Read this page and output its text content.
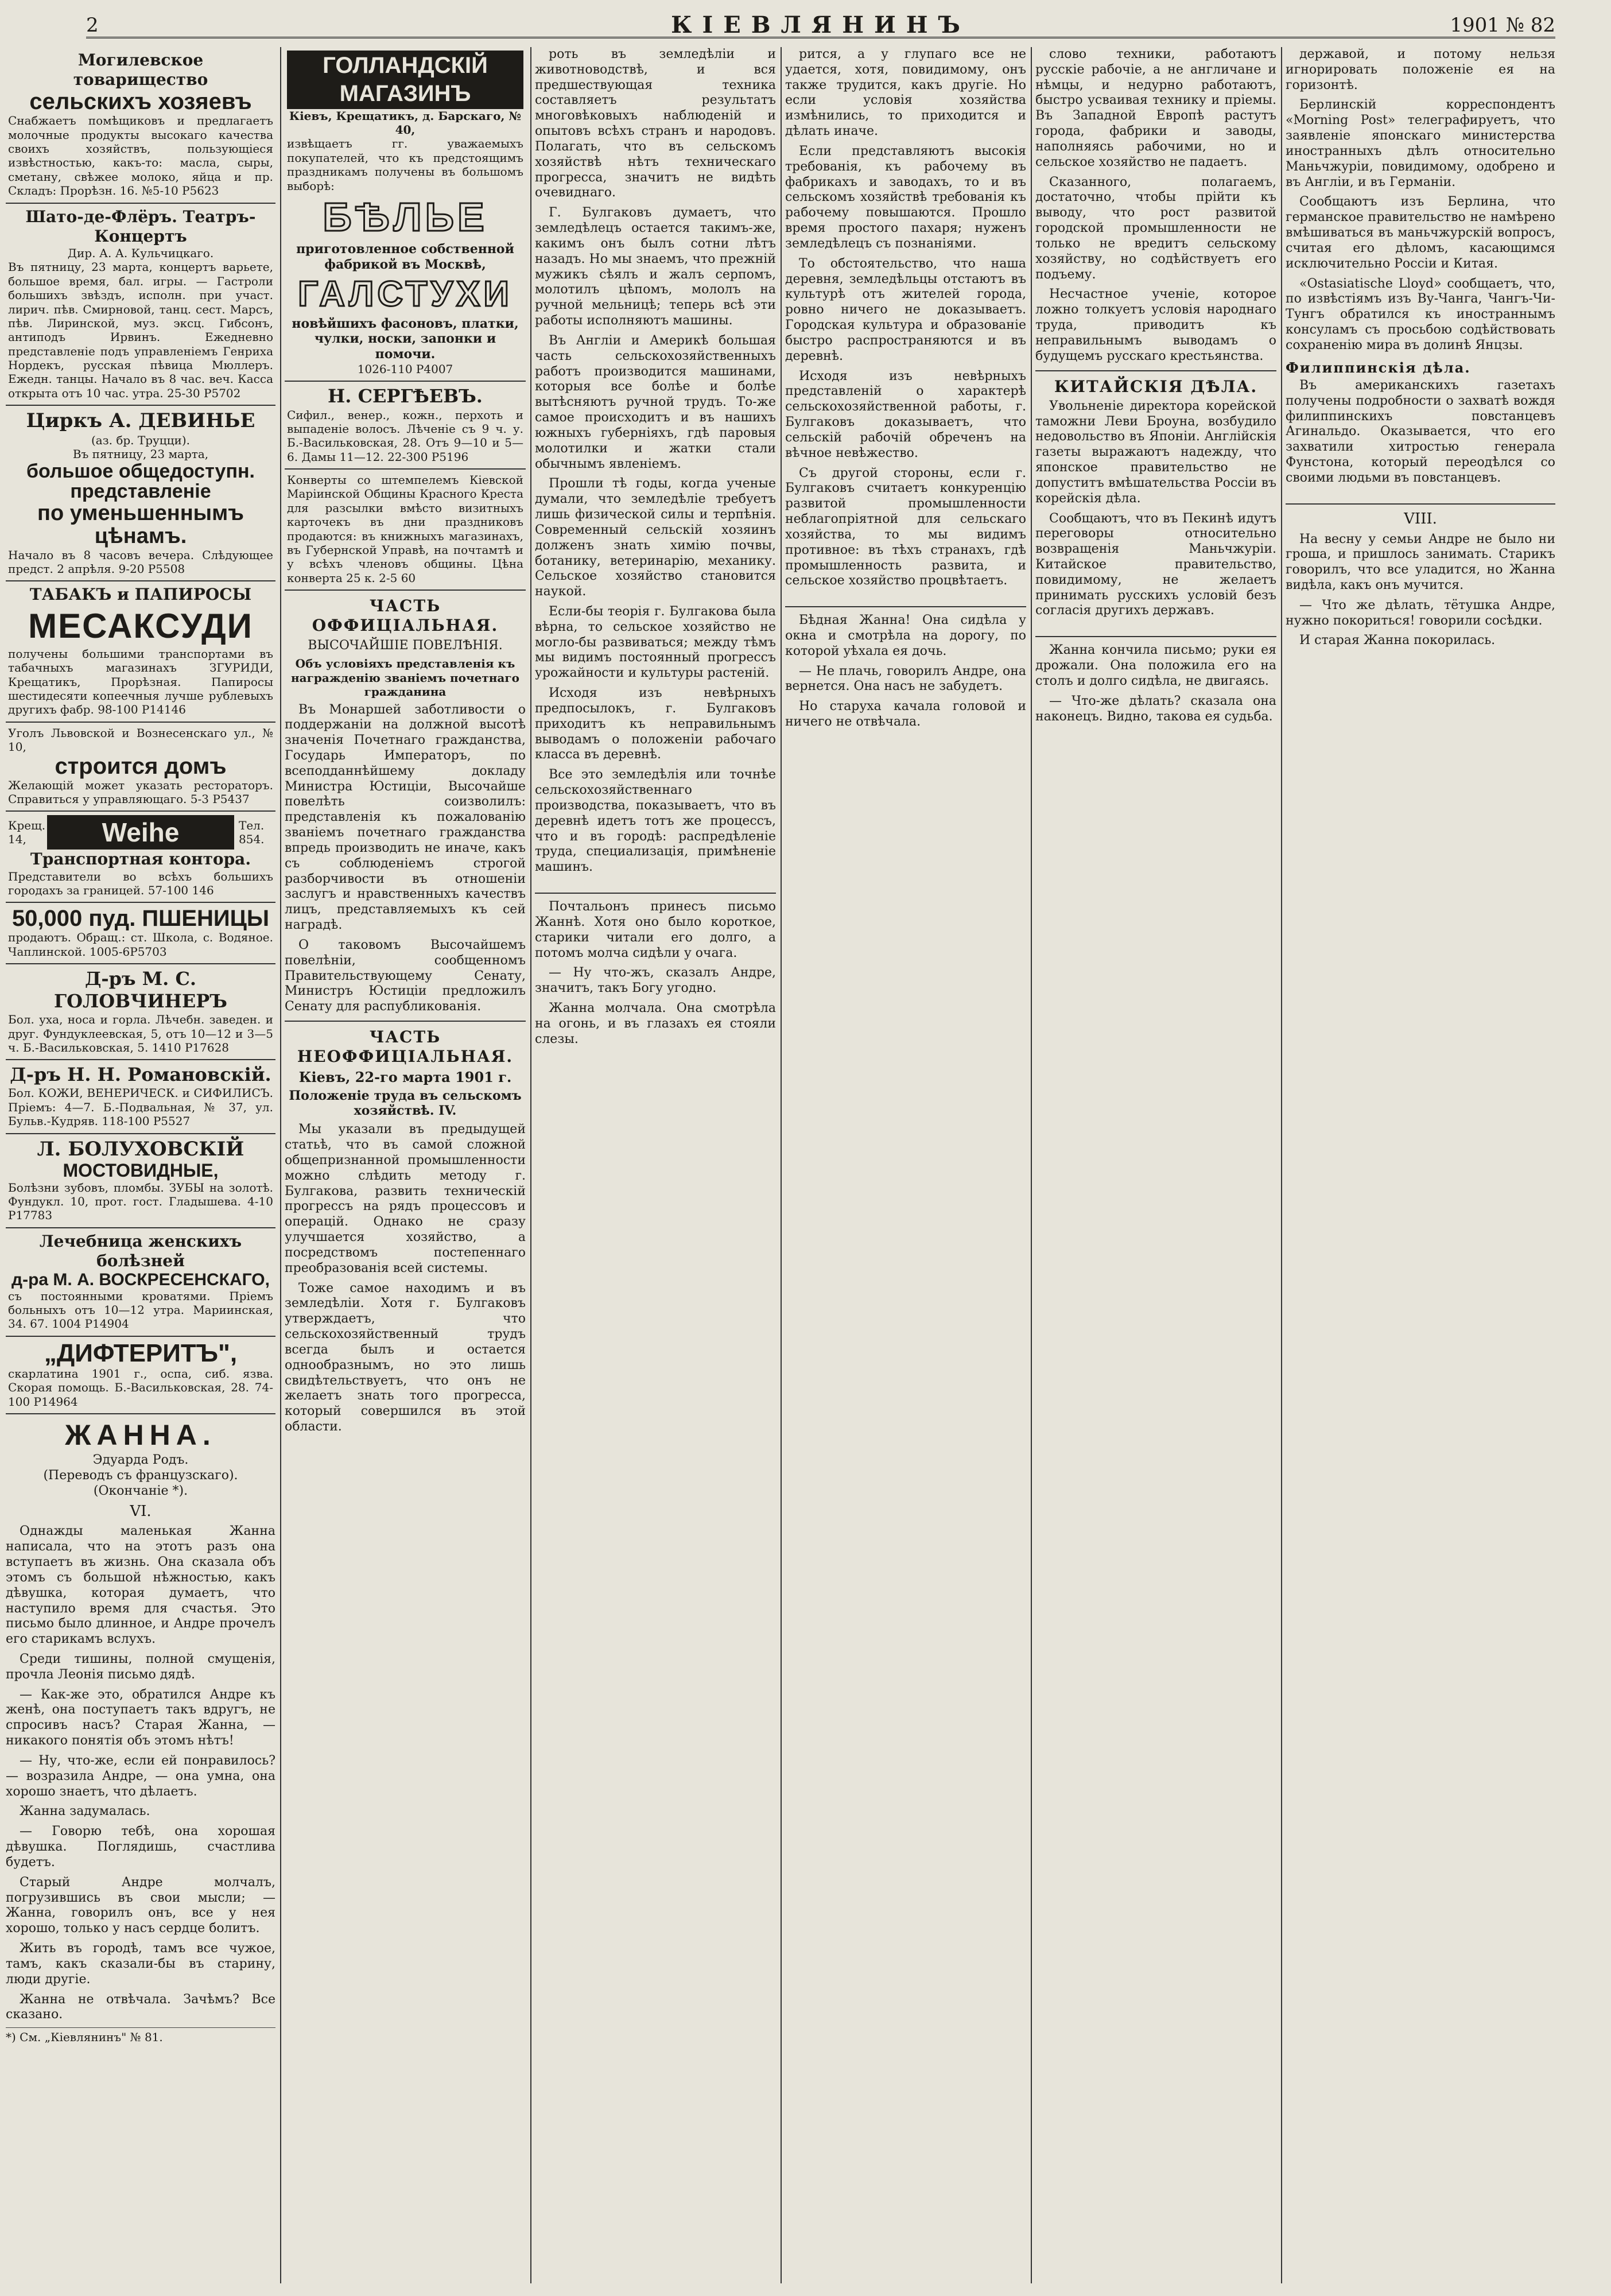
2	КІЕВЛЯНИНЪ	1901 № 82
Могилевское товарищество
сельскихъ хозяевъ
Снабжаетъ помѣщиковъ и предлагаетъ молочные продукты высокаго качества своихъ хозяйствъ, пользующіеся извѣстностью, какъ-то: масла, сыры, сметану, свѣжее молоко, яйца и пр. Складъ: Прорѣзн. 16. №5-10 Р5623
Шато-де-Флёръ. Театръ-Концертъ
Дир. А. А. Кульчицкаго.
Въ пятницу, 23 марта, концертъ варьете, большое время, бал. игры. — Гастроли большихъ звѣздъ, исполн. при участ. лирич. пѣв. Смирновой, танц. сест. Марсъ, пѣв. Лиринской, муз. эксц. Гибсонъ, антиподъ Ирвинъ. Ежедневно представленіе подъ управленіемъ Генриха Нордекъ, русская пѣвица Мюллеръ. Ежедн. танцы. Начало въ 8 час. веч. Касса открыта отъ 10 час. утра. 25-30 Р5702
Циркъ А. ДЕВИНЬЕ
(аз. бр. Труцци).
Въ пятницу, 23 марта,
большое общедоступн. представленіе
по уменьшеннымъ
цѣнамъ.
Начало въ 8 часовъ вечера. Слѣдующее предст. 2 апрѣля. 9-20 Р5508
ТАБАКЪ и ПАПИРОСЫ
МЕСАКСУДИ
получены большими транспортами въ табачныхъ магазинахъ ЗГУРИДИ, Крещатикъ, Прорѣзная. Папиросы шестидесяти копеечныя лучше рублевыхъ другихъ фабр. 98-100 Р14146
Уголъ Львовской и Вознесенскаго ул., № 10,
строится домъ
Желающій может указать рестораторъ. Справиться у управляющаго. 5-3 Р5437
Крещ. 14,	Weihe	Тел. 854.
Транспортная контора.
Представители во всѣхъ большихъ городахъ за границей. 57-100 146
50,000 пуд. ПШЕНИЦЫ
продаютъ. Обращ.: ст. Школа, с. Водяное. Чаплинской. 1005-6Р5703
Д-ръ М. С. ГОЛОВЧИНЕРЪ
Бол. уха, носа и горла. Лѣчебн. заведен. и друг. Фундуклеевская, 5, отъ 10—12 и 3—5 ч. Б.-Васильковская, 5. 1410 Р17628
Д-ръ Н. Н. Романовскій.
Бол. КОЖИ, ВЕНЕРИЧЕСК. и СИФИЛИСЪ. Пріемъ: 4—7. Б.-Подвальная, № 37, ул. Бульв.-Кудряв. 118-100 Р5527
Л. БОЛУХОВСКІЙ
МОСТОВИДНЫЕ,
Болѣзни зубовъ, пломбы. ЗУБЫ на золотѣ. Фундукл. 10, прот. гост. Гладышева. 4-10 Р17783
Лечебница женскихъ болѣзней
д-ра М. А. ВОСКРЕСЕНСКАГО,
съ постоянными кроватями. Пріемъ больныхъ отъ 10—12 утра. Мариинская, 34. 67. 1004 Р14904
„ДИФТЕРИТЪ",
скарлатина 1901 г., оспа, сиб. язва. Скорая помощь. Б.-Васильковская, 28. 74-100 Р14964
ЖАННА.
Эдуарда Родъ.
(Переводъ съ французскаго).
(Окончаніе *).
VI.

Однажды маленькая Жанна написала, что на этотъ разъ она вступаетъ въ жизнь. Она сказала объ этомъ съ большой нѣжностью, какъ дѣвушка, которая думаетъ, что наступило время для счастья. Это письмо было длинное, и Андре прочелъ его старикамъ вслухъ.

Среди тишины, полной смущенія, прочла Леонія письмо дядѣ.

— Как-же это, обратился Андре къ женѣ, она поступаетъ такъ вдругъ, не спросивъ насъ? Старая Жанна, — никакого понятія объ этомъ нѣтъ!

— Ну, что-же, если ей понравилось? — возразила Андре, — она умна, она хорошо знаетъ, что дѣлаетъ.

Жанна задумалась.

— Говорю тебѣ, она хорошая дѣвушка. Поглядишь, счастлива будетъ.

Старый Андре молчалъ, погрузившись въ свои мысли; — Жанна, говорилъ онъ, все у нея хорошо, только у насъ сердце болитъ.

Жить въ городѣ, тамъ все чужое, тамъ, какъ сказали-бы въ старину, люди другіе.

Жанна не отвѣчала. Зачѣмъ? Все сказано.

*) См. „Кіевлянинъ" № 81.
ГОЛЛАНДСКІЙ МАГАЗИНЪ
Кіевъ, Крещатикъ, д. Барскаго, № 40,
извѣщаетъ гг. уважаемыхъ покупателей, что къ предстоящимъ праздникамъ получены въ большомъ выборѣ:
БѢЛЬЕ
приготовленное собственной фабрикой въ Москвѣ,
ГАЛСТУХИ
новѣйшихъ фасоновъ, платки, чулки, носки, запонки и помочи.
1026-110 Р4007
Н. СЕРГѢЕВЪ.
Сифил., венер., кожн., перхоть и выпаденіе волосъ. Лѣченіе съ 9 ч. у. Б.-Васильковская, 28. Отъ 9—10 и 5—6. Дамы 11—12. 22-300 Р5196
Конверты со штемпелемъ Кіевской Маріинской Общины Красного Креста для разсылки вмѣсто визитныхъ карточекъ въ дни праздниковъ продаются: въ книжныхъ магазинахъ, въ Губернской Управѣ, на почтамтѣ и у всѣхъ членовъ общины. Цѣна конверта 25 к. 2-5 60
ЧАСТЬ ОФФИЦІАЛЬНАЯ.
ВЫСОЧАЙШІЕ ПОВЕЛѢНІЯ.
Объ условіяхъ представленія къ награжденію званіемъ почетнаго гражданина

Въ Монаршей заботливости о поддержаніи на должной высотѣ значенія Почетнаго гражданства, Государь Императоръ, по всеподданнѣйшему докладу Министра Юстиціи, Высочайше повелѣть соизволилъ: представленія къ пожалованію званіемъ почетнаго гражданства впредь производить не иначе, какъ съ соблюденіемъ строгой разборчивости въ отношеніи заслугъ и нравственныхъ качествъ лицъ, представляемыхъ къ сей наградѣ.

О таковомъ Высочайшемъ повелѣніи, сообщенномъ Правительствующему Сенату, Министръ Юстиціи предложилъ Сенату для распубликованія.

ЧАСТЬ НЕОФФИЦІАЛЬНАЯ.
Кіевъ, 22-го марта 1901 г.
Положеніе труда въ сельскомъ хозяйствѣ. IV.

Мы указали въ предыдущей статьѣ, что въ самой сложной общепризнанной промышленности можно слѣдить методу г. Булгакова, развить техническій прогрессъ на рядъ процессовъ и операцій. Однако не сразу улучшается хозяйство, а посредствомъ постепеннаго преобразованія всей системы.

Тоже самое находимъ и въ земледѣліи. Хотя г. Булгаковъ утверждаетъ, что сельскохозяйственный трудъ всегда былъ и остается однообразнымъ, но это лишь свидѣтельствуетъ, что онъ не желаетъ знать того прогресса, который совершился въ этой области.

роть въ земледѣліи и животноводствѣ, и вся предшествующая техника составляетъ результатъ многовѣковыхъ наблюденій и опытовъ всѣхъ странъ и народовъ. Полагать, что въ сельскомъ хозяйствѣ нѣтъ техническаго прогресса, значитъ не видѣть очевиднаго.

Г. Булгаковъ думаетъ, что земледѣлецъ остается такимъ-же, какимъ онъ былъ сотни лѣтъ назадъ. Но мы знаемъ, что прежній мужикъ сѣялъ и жалъ серпомъ, молотилъ цѣпомъ, мололъ на ручной мельницѣ; теперь всѣ эти работы исполняютъ машины.

Въ Англіи и Америкѣ большая часть сельскохозяйственныхъ работъ производится машинами, которыя все болѣе и болѣе вытѣсняютъ ручной трудъ. То-же самое происходитъ и въ нашихъ южныхъ губерніяхъ, гдѣ паровыя молотилки и жатки стали обычнымъ явленіемъ.

Прошли тѣ годы, когда ученые думали, что земледѣліе требуетъ лишь физической силы и терпѣнія. Современный сельскій хозяинъ долженъ знать химію почвы, ботанику, ветеринарію, механику. Сельское хозяйство становится наукой.

Если-бы теорія г. Булгакова была вѣрна, то сельское хозяйство не могло-бы развиваться; между тѣмъ мы видимъ постоянный прогрессъ урожайности и культуры растеній.

Исходя изъ невѣрныхъ предпосылокъ, г. Булгаковъ приходитъ къ неправильнымъ выводамъ о положеніи рабочаго класса въ деревнѣ.

Все это земледѣлія или точнѣе сельскохозяйственнаго производства, показываетъ, что въ деревнѣ идетъ тотъ же процессъ, что и въ городѣ: распредѣленіе труда, специализація, примѣненіе машинъ.

Почтальонъ принесъ письмо Жаннѣ. Хотя оно было короткое, старики читали его долго, а потомъ молча сидѣли у очага.

— Ну что-жъ, сказалъ Андре, значитъ, такъ Богу угодно.

Жанна молчала. Она смотрѣла на огонь, и въ глазахъ ея стояли слезы.

рится, а у глупаго все не удается, хотя, повидимому, онъ также трудится, какъ другіе. Но если условія хозяйства измѣнились, то приходится и дѣлать иначе.

Если представляютъ высокія требованія, къ рабочему въ фабрикахъ и заводахъ, то и въ сельскомъ хозяйствѣ требованія къ рабочему повышаются. Прошло время простого пахаря; нуженъ земледѣлецъ съ познаніями.

То обстоятельство, что наша деревня, земледѣльцы отстаютъ въ культурѣ отъ жителей города, ровно ничего не доказываетъ. Городская культура и образованіе быстро распространяются и въ деревнѣ.

Исходя изъ невѣрныхъ представленій о характерѣ сельскохозяйственной работы, г. Булгаковъ доказываетъ, что сельскій рабочій обреченъ на вѣчное невѣжество.

Съ другой стороны, если г. Булгаковъ считаетъ конкуренцію развитой промышленности неблагопріятной для сельскаго хозяйства, то мы видимъ противное: въ тѣхъ странахъ, гдѣ промышленность развита, и сельское хозяйство процвѣтаетъ.

Бѣдная Жанна! Она сидѣла у окна и смотрѣла на дорогу, по которой уѣхала ея дочь.

— Не плачь, говорилъ Андре, она вернется. Она насъ не забудетъ.

Но старуха качала головой и ничего не отвѣчала.

слово техники, работаютъ русскіе рабочіе, а не англичане и нѣмцы, и недурно работаютъ, быстро усваивая технику и пріемы. Въ Западной Европѣ растутъ города, фабрики и заводы, наполняясь рабочими, но и сельское хозяйство не падаетъ.

Сказанного, полагаемъ, достаточно, чтобы прійти къ выводу, что рост развитой городской промышленности не только не вредитъ сельскому хозяйству, но содѣйствуетъ его подъему.

Несчастное ученіе, которое ложно толкуетъ условія народнаго труда, приводитъ къ неправильнымъ выводамъ о будущемъ русскаго крестьянства.

КИТАЙСКІЯ ДѢЛА.

Увольненіе директора корейской таможни Леви Броуна, возбудило недовольство въ Японіи. Англійскія газеты выражаютъ надежду, что японское правительство не допуститъ вмѣшательства Россіи въ корейскія дѣла.

Сообщаютъ, что въ Пекинѣ идутъ переговоры относительно возвращенія Маньчжуріи. Китайское правительство, повидимому, не желаетъ принимать русскихъ условій безъ согласія другихъ державъ.

Жанна кончила письмо; руки ея дрожали. Она положила его на столъ и долго сидѣла, не двигаясь.

— Что-же дѣлать? сказала она наконецъ. Видно, такова ея судьба.

державой, и потому нельзя игнорировать положеніе ея на горизонтѣ.

Берлинскій корреспондентъ «Morning Post» телеграфируетъ, что заявленіе японскаго министерства иностранныхъ дѣлъ относительно Маньчжуріи, повидимому, одобрено и въ Англіи, и въ Германіи.

Сообщаютъ изъ Берлина, что германское правительство не намѣрено вмѣшиваться въ маньчжурскій вопросъ, считая его дѣломъ, касающимся исключительно Россіи и Китая.

«Ostasiatische Lloyd» сообщаетъ, что, по извѣстіямъ изъ Ву-Чанга, Чангъ-Чи-Тунгъ обратился къ иностраннымъ консуламъ съ просьбою содѣйствовать сохраненію мира въ долинѣ Янцзы.

Филиппинскія дѣла.

Въ американскихъ газетахъ получены подробности о захватѣ вождя филиппинскихъ повстанцевъ Агинальдо. Оказывается, что его захватили хитростью генерала Фунстона, который переодѣлся со своими людьми въ повстанцевъ.

VIII.

На весну у семьи Андре не было ни гроша, и пришлось занимать. Старикъ говорилъ, что все уладится, но Жанна видѣла, какъ онъ мучится.

— Что же дѣлать, тётушка Андре, нужно покориться! говорили сосѣдки.

И старая Жанна покорилась.
